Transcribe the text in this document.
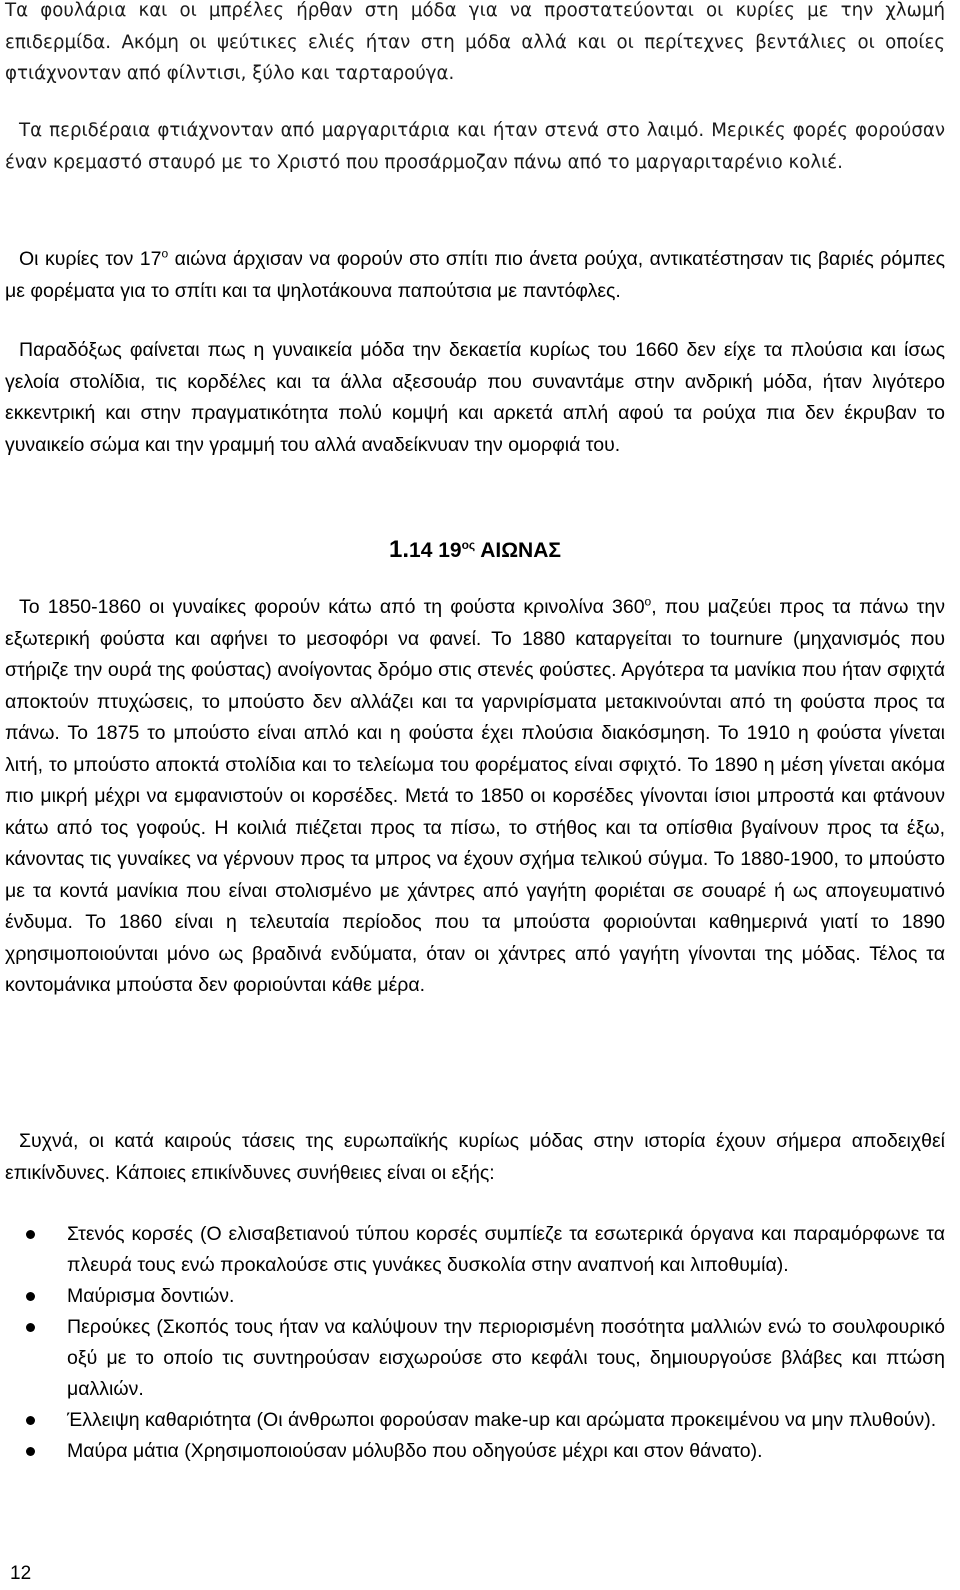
Τα φουλάρια και οι μπρέλες ήρθαν στη μόδα για να προστατεύονται οι κυρίες με την χλωμή επιδερμίδα. Ακόμη οι ψεύτικες ελιές ήταν στη μόδα αλλά και οι περίτεχνες βεντάλιες οι οποίες φτιάχνονταν από φίλντισι, ξύλο και ταρταρούγα.

Τα περιδέραια φτιάχνονταν από μαργαριτάρια και ήταν στενά στο λαιμό. Μερικές φορές φορούσαν έναν κρεμαστό σταυρό με το Χριστό που προσάρμοζαν πάνω από το μαργαριταρένιο κολιέ.

Οι κυρίες τον $17^o$ αιώνα άρχισαν να φορούν στο σπίτι πιο άνετα ρούχα, αντικατέστησαν τις βαριές ρόμπες με φορέματα για το σπίτι και τα ψηλοτάκουνα παπούτσια με παντόφλες.

Παραδόξως φαίνεται πως η γυναικεία μόδα την δεκαετία κυρίως του 1660 δεν είχε τα πλούσια και ίσως γελοία στολίδια, τις κορδέλες και τα άλλα αξεσουάρ που συναντάμε στην ανδρική μόδα, ήταν λιγότερο εκκεντρική και στην πραγματικότητα πολύ κομψή και αρκετά απλή αφού τα ρούχα πια δεν έκρυβαν το γυναικείο σώμα και την γραμμή του αλλά αναδείκνυαν την ομορφιά του.

1.14 $19^{o\varsigma}$ ΑΙΩΝΑΣ

Το 1850-1860 οι γυναίκες φορούν κάτω από τη φούστα κρινολίνα $360^o$, που μαζεύει προς τα πάνω την εξωτερική φούστα και αφήνει το μεσοφόρι να φανεί. Το 1880 καταργείται το tournure (μηχανισμός που στήριζε την ουρά της φούστας) ανοίγοντας δρόμο στις στενές φούστες. Αργότερα τα μανίκια που ήταν σφιχτά αποκτούν πτυχώσεις, το μπούστο δεν αλλάζει και τα γαρνιρίσματα μετακινούνται από τη φούστα προς τα πάνω. Το 1875 το μπούστο είναι απλό και η φούστα έχει πλούσια διακόσμηση. Το 1910 η φούστα γίνεται λιτή, το μπούστο αποκτά στολίδια και το τελείωμα του φορέματος είναι σφιχτό. Το 1890 η μέση γίνεται ακόμα πιο μικρή μέχρι να εμφανιστούν οι κορσέδες. Μετά το 1850 οι κορσέδες γίνονται ίσιοι μπροστά και φτάνουν κάτω από τος γοφούς. Η κοιλιά πιέζεται προς τα πίσω, το στήθος και τα οπίσθια βγαίνουν προς τα έξω, κάνοντας τις γυναίκες να γέρνουν προς τα μπρος να έχουν σχήμα τελικού σύγμα. Το 1880-1900, το μπούστο με τα κοντά μανίκια που είναι στολισμένο με χάντρες από γαγήτη φοριέται σε σουαρέ ή ως απογευματινό ένδυμα. Το 1860 είναι η τελευταία περίοδος που τα μπούστα φοριούνται καθημερινά γιατί το 1890 χρησιμοποιούνται μόνο ως βραδινά ενδύματα, όταν οι χάντρες από γαγήτη γίνονται της μόδας. Τέλος τα κοντομάνικα μπούστα δεν φοριούνται κάθε μέρα.

Συχνά, οι κατά καιρούς τάσεις της ευρωπαϊκής κυρίως μόδας στην ιστορία έχουν σήμερα αποδειχθεί επικίνδυνες. Κάποιες επικίνδυνες συνήθειες είναι οι εξής:

Στενός κορσές (Ο ελισαβετιανού τύπου κορσές συμπίεζε τα εσωτερικά όργανα και παραμόρφωνε τα πλευρά τους ενώ προκαλούσε στις γυνάκες δυσκολία στην αναπνοή και λιποθυμία).
Μαύρισμα δοντιών.
Περούκες (Σκοπός τους ήταν να καλύψουν την περιορισμένη ποσότητα μαλλιών ενώ το σουλφουρικό οξύ με το οποίο τις συντηρούσαν εισχωρούσε στο κεφάλι τους, δημιουργούσε βλάβες και πτώση μαλλιών.
Έλλειψη καθαριότητα (Οι άνθρωποι φορούσαν make-up και αρώματα προκειμένου να μην πλυθούν).
Μαύρα μάτια (Χρησιμοποιούσαν μόλυβδο που οδηγούσε μέχρι και στον θάνατο).
12
